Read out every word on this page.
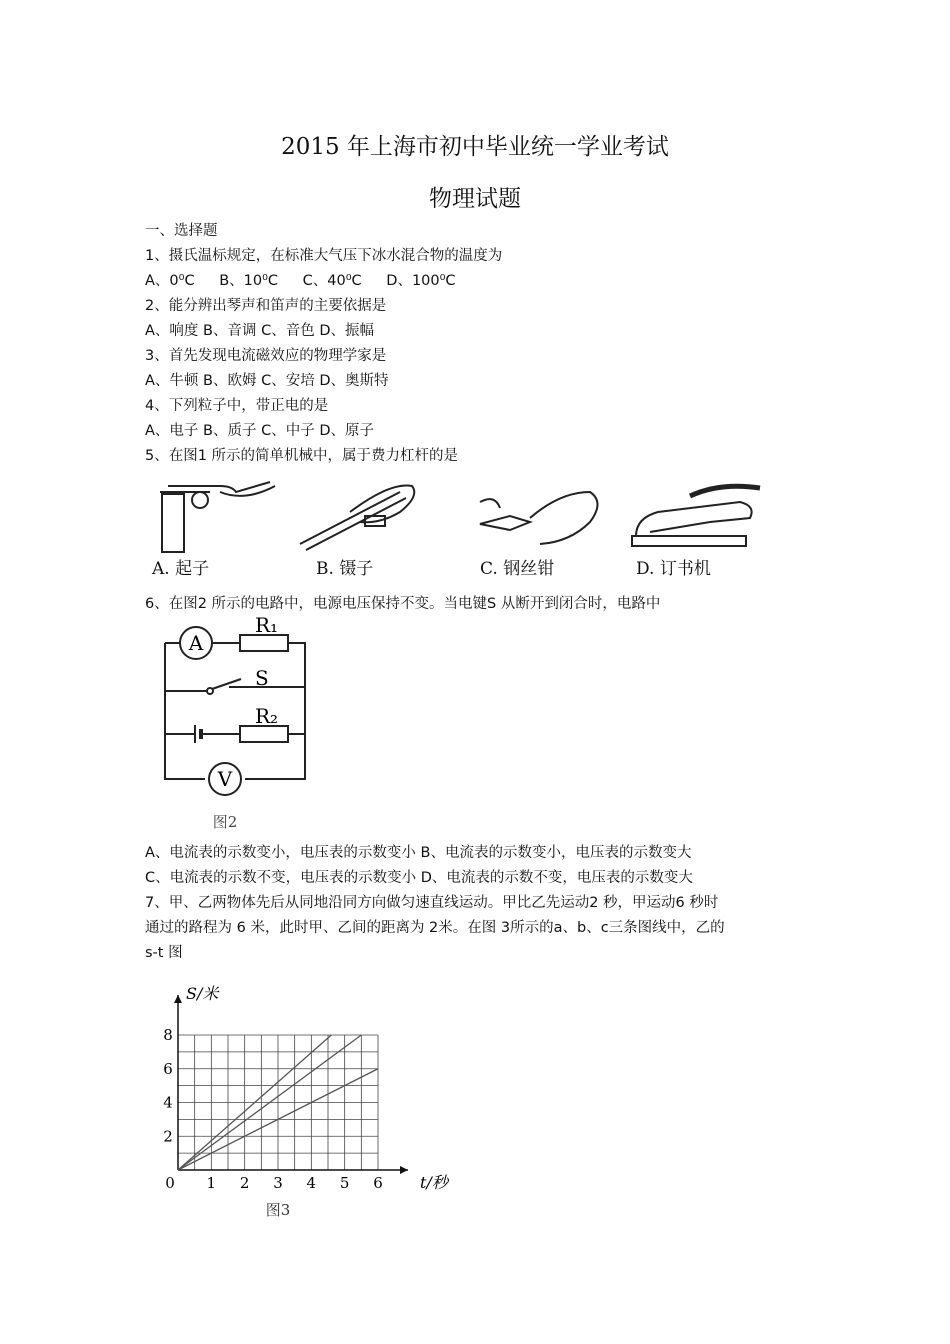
2015 年上海市初中毕业统一学业考试
物理试题
一、选择题
1、摄氏温标规定，在标准大气压下冰水混合物的温度为
A、0⁰C B、10⁰C C、40⁰C D、100⁰C
2、能分辨出琴声和笛声的主要依据是
A、响度 B、音调 C、音色 D、振幅
3、首先发现电流磁效应的物理学家是
A、牛顿 B、欧姆 C、安培 D、奥斯特
4、下列粒子中，带正电的是
A、电子 B、质子 C、中子 D、原子
5、在图1 所示的简单机械中，属于费力杠杆的是
A. 起子	B. 镊子	C. 钢丝钳	D. 订书机
6、在图2 所示的电路中，电源电压保持不变。当电键S 从断开到闭合时，电路中
A
R₁
S
R₂
V
图2
A、电流表的示数变小，电压表的示数变小 B、电流表的示数变小，电压表的示数变大
C、电流表的示数不变，电压表的示数变小 D、电流表的示数不变，电压表的示数变大
7、甲、乙两物体先后从同地沿同方向做匀速直线运动。甲比乙先运动2 秒，甲运动6 秒时
通过的路程为 6 米，此时甲、乙间的距离为 2米。在图 3所示的a、b、c三条图线中，乙的
s-t 图
0 1 2 3 4 5 6
2
4
6
8
t/秒
S/米
图3
